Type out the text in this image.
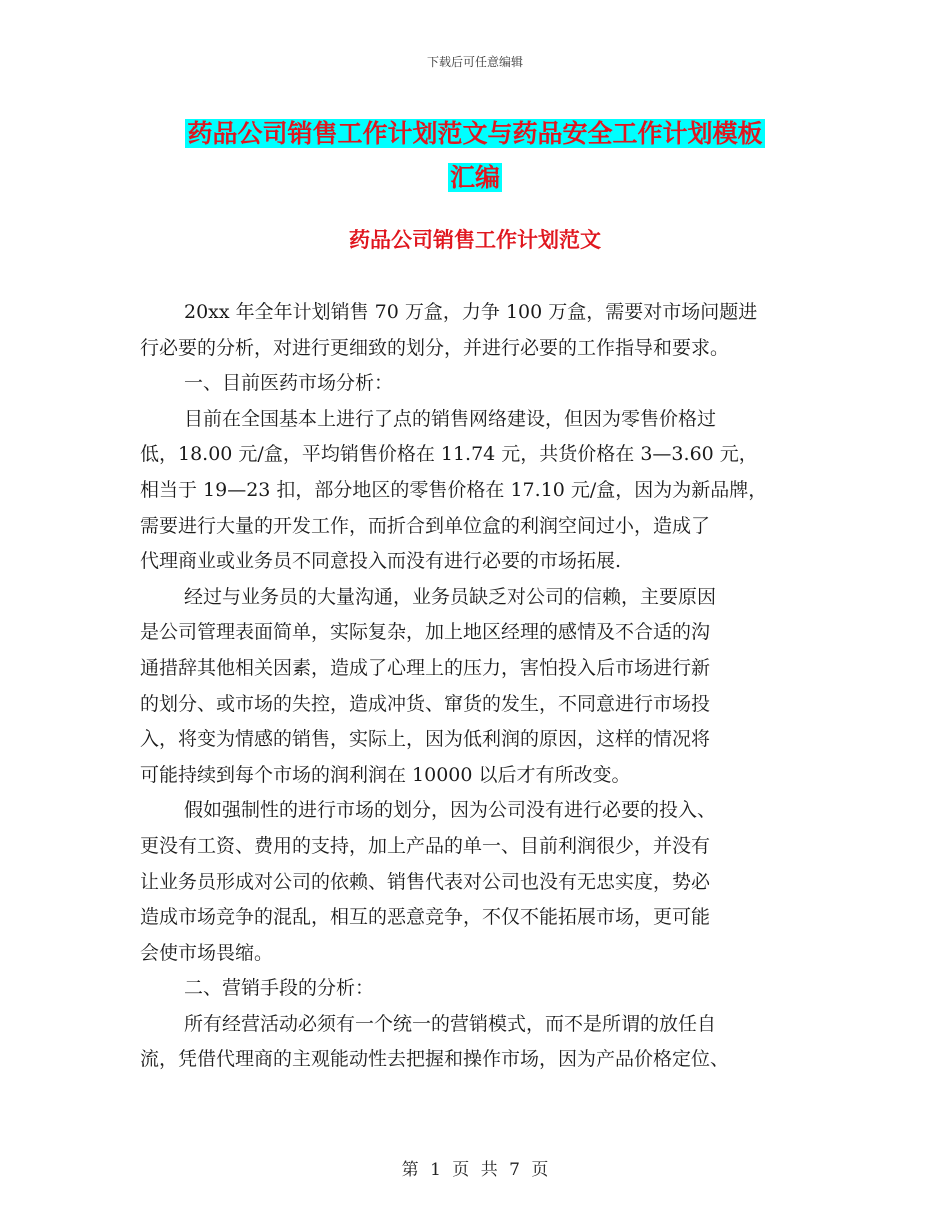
下载后可任意编辑
药品公司销售工作计划范文与药品安全工作计划模板
汇编
药品公司销售工作计划范文
20xx 年全年计划销售 70 万盒，力争 100 万盒，需要对市场问题进
行必要的分析，对进行更细致的划分，并进行必要的工作指导和要求。
一、目前医药市场分析：
目前在全国基本上进行了点的销售网络建设，但因为零售价格过
低，18.00 元/盒，平均销售价格在 11.74 元，共货价格在 3—3.60 元，
相当于 19—23 扣，部分地区的零售价格在 17.10 元/盒，因为为新品牌，
需要进行大量的开发工作，而折合到单位盒的利润空间过小，造成了
代理商业或业务员不同意投入而没有进行必要的市场拓展.
经过与业务员的大量沟通，业务员缺乏对公司的信赖，主要原因
是公司管理表面简单，实际复杂，加上地区经理的感情及不合适的沟
通措辞其他相关因素，造成了心理上的压力，害怕投入后市场进行新
的划分、或市场的失控，造成冲货、窜货的发生，不同意进行市场投
入，将变为情感的销售，实际上，因为低利润的原因，这样的情况将
可能持续到每个市场的润利润在 10000 以后才有所改变。
假如强制性的进行市场的划分，因为公司没有进行必要的投入、
更没有工资、费用的支持，加上产品的单一、目前利润很少，并没有
让业务员形成对公司的依赖、销售代表对公司也没有无忠实度，势必
造成市场竞争的混乱，相互的恶意竞争，不仅不能拓展市场，更可能
会使市场畏缩。
二、营销手段的分析：
所有经营活动必须有一个统一的营销模式，而不是所谓的放任自
流，凭借代理商的主观能动性去把握和操作市场，因为产品价格定位、
第 1 页 共 7 页
